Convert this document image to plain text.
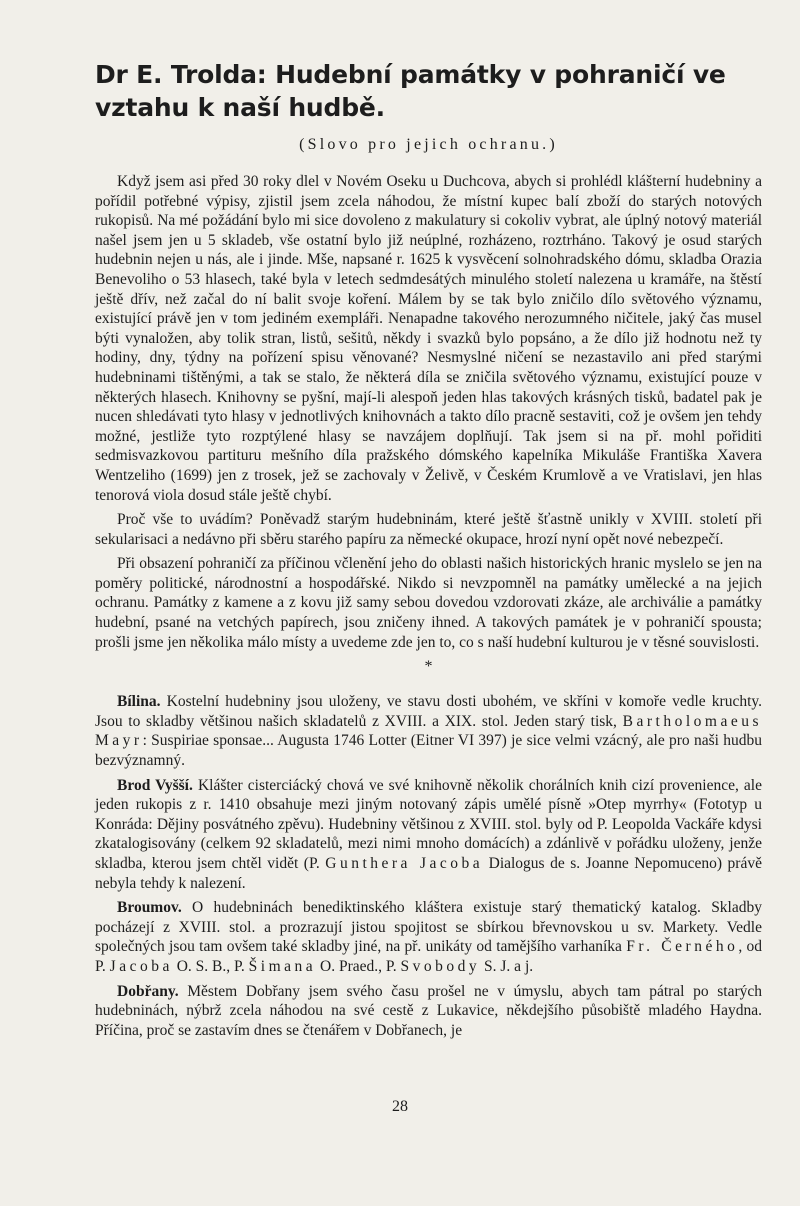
Dr E. Trolda: Hudební památky v pohraničí ve vztahu k naší hudbě.
(Slovo pro jejich ochranu.)

Když jsem asi před 30 roky dlel v Novém Oseku u Duchcova, abych si prohlédl klášterní hudebniny a pořídil potřebné výpisy, zjistil jsem zcela náhodou, že místní kupec balí zboží do starých notových rukopisů. Na mé požádání bylo mi sice dovoleno z makulatury si cokoliv vybrat, ale úplný notový materiál našel jsem jen u 5 skladeb, vše ostatní bylo již neúplné, rozházeno, roztrháno. Takový je osud starých hudebnin nejen u nás, ale i jinde. Mše, napsané r. 1625 k vysvěcení solnohradského dómu, skladba Orazia Benevoliho o 53 hlasech, také byla v letech sedmdesátých minulého století nalezena u kramáře, na štěstí ještě dřív, než začal do ní balit svoje koření. Málem by se tak bylo zničilo dílo světového významu, existující právě jen v tom jediném exempláři. Nenapadne takového nerozumného ničitele, jaký čas musel býti vynaložen, aby tolik stran, listů, sešitů, někdy i svazků bylo popsáno, a že dílo již hodnotu než ty hodiny, dny, týdny na pořízení spisu věnované? Nesmyslné ničení se nezastavilo ani před starými hudebninami tištěnými, a tak se stalo, že některá díla se zničila světového významu, existující pouze v některých hlasech. Knihovny se pyšní, mají-li alespoň jeden hlas takových krásných tisků, badatel pak je nucen shledávati tyto hlasy v jednotlivých knihovnách a takto dílo pracně sestaviti, což je ovšem jen tehdy možné, jestliže tyto rozptýlené hlasy se navzájem doplňují. Tak jsem si na př. mohl pořiditi sedmisvazkovou partituru mešního díla pražského dómského kapelníka Mikuláše Františka Xavera Wentzeliho (1699) jen z trosek, jež se zachovaly v Želivě, v Českém Krumlově a ve Vratislavi, jen hlas tenorová viola dosud stále ještě chybí.

Proč vše to uvádím? Poněvadž starým hudebninám, které ještě šťastně unikly v XVIII. století při sekularisaci a nedávno při sběru starého papíru za německé okupace, hrozí nyní opět nové nebezpečí.

Při obsazení pohraničí za příčinou včlenění jeho do oblasti našich historických hranic myslelo se jen na poměry politické, národnostní a hospodářské. Nikdo si nevzpomněl na památky umělecké a na jejich ochranu. Památky z kamene a z kovu již samy sebou dovedou vzdorovati zkáze, ale archiválie a památky hudební, psané na vetchých papírech, jsou zničeny ihned. A takových památek je v pohraničí spousta; prošli jsme jen několika málo místy a uvedeme zde jen to, co s naší hudební kulturou je v těsné souvislosti.

*

Bílina. Kostelní hudebniny jsou uloženy, ve stavu dosti ubohém, ve skříni v komoře vedle kruchty. Jsou to skladby většinou našich skladatelů z XVIII. a XIX. stol. Jeden starý tisk, Bartholomaeus Mayr: Suspiriae sponsae... Augusta 1746 Lotter (Eitner VI 397) je sice velmi vzácný, ale pro naši hudbu bezvýznamný.

Brod Vyšší. Klášter cisterciácký chová ve své knihovně několik chorálních knih cizí provenience, ale jeden rukopis z r. 1410 obsahuje mezi jiným notovaný zápis umělé písně »Otep myrrhy« (Fototyp u Konráda: Dějiny posvátného zpěvu). Hudebniny většinou z XVIII. stol. byly od P. Leopolda Vackáře kdysi zkatalogisovány (celkem 92 skladatelů, mezi nimi mnoho domácích) a zdánlivě v pořádku uloženy, jenže skladba, kterou jsem chtěl vidět (P. Gunthera Jacoba Dialogus de s. Joanne Nepomuceno) právě nebyla tehdy k nalezení.

Broumov. O hudebninách benediktinského kláštera existuje starý thematický katalog. Skladby pocházejí z XVIII. stol. a prozrazují jistou spojitost se sbírkou břevnovskou u sv. Markety. Vedle společných jsou tam ovšem také skladby jiné, na př. unikáty od tamějšího varhaníka Fr. Černého, od P. Jacoba O. S. B., P. Šimana O. Praed., P. Svobody S. J. a j.

Dobřany. Městem Dobřany jsem svého času prošel ne v úmyslu, abych tam pátral po starých hudebninách, nýbrž zcela náhodou na své cestě z Lukavice, někdejšího působiště mladého Haydna. Příčina, proč se zastavím dnes se čtenářem v Dobřanech, je

28
